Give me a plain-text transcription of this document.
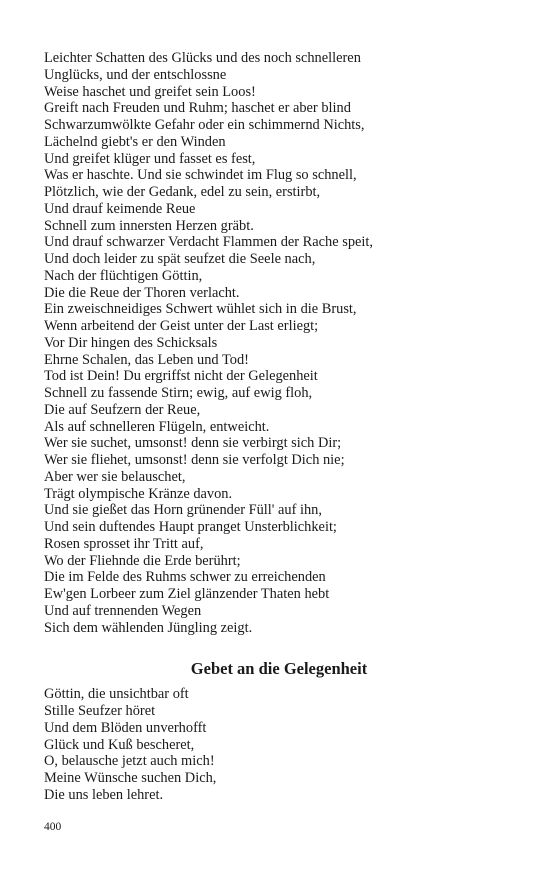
Leichter Schatten des Glücks und des noch schnelleren
Unglücks, und der entschlossne
Weise haschet und greifet sein Loos!
Greift nach Freuden und Ruhm; haschet er aber blind
Schwarzumwölkte Gefahr oder ein schimmernd Nichts,
Lächelnd giebt's er den Winden
Und greifet klüger und fasset es fest,
Was er haschte. Und sie schwindet im Flug so schnell,
Plötzlich, wie der Gedank, edel zu sein, erstirbt,
Und drauf keimende Reue
Schnell zum innersten Herzen gräbt.
Und drauf schwarzer Verdacht Flammen der Rache speit,
Und doch leider zu spät seufzet die Seele nach,
Nach der flüchtigen Göttin,
Die die Reue der Thoren verlacht.
Ein zweischneidiges Schwert wühlet sich in die Brust,
Wenn arbeitend der Geist unter der Last erliegt;
Vor Dir hingen des Schicksals
Ehrne Schalen, das Leben und Tod!
Tod ist Dein! Du ergriffst nicht der Gelegenheit
Schnell zu fassende Stirn; ewig, auf ewig floh,
Die auf Seufzern der Reue,
Als auf schnelleren Flügeln, entweicht.
Wer sie suchet, umsonst! denn sie verbirgt sich Dir;
Wer sie fliehet, umsonst! denn sie verfolgt Dich nie;
Aber wer sie belauschet,
Trägt olympische Kränze davon.
Und sie gießet das Horn grünender Füll' auf ihn,
Und sein duftendes Haupt pranget Unsterblichkeit;
Rosen sprosset ihr Tritt auf,
Wo der Fliehnde die Erde berührt;
Die im Felde des Ruhms schwer zu erreichenden
Ew'gen Lorbeer zum Ziel glänzender Thaten hebt
Und auf trennenden Wegen
Sich dem wählenden Jüngling zeigt.
Gebet an die Gelegenheit
Göttin, die unsichtbar oft
Stille Seufzer höret
Und dem Blöden unverhofft
Glück und Kuß bescheret,
O, belausche jetzt auch mich!
Meine Wünsche suchen Dich,
Die uns leben lehret.
400
